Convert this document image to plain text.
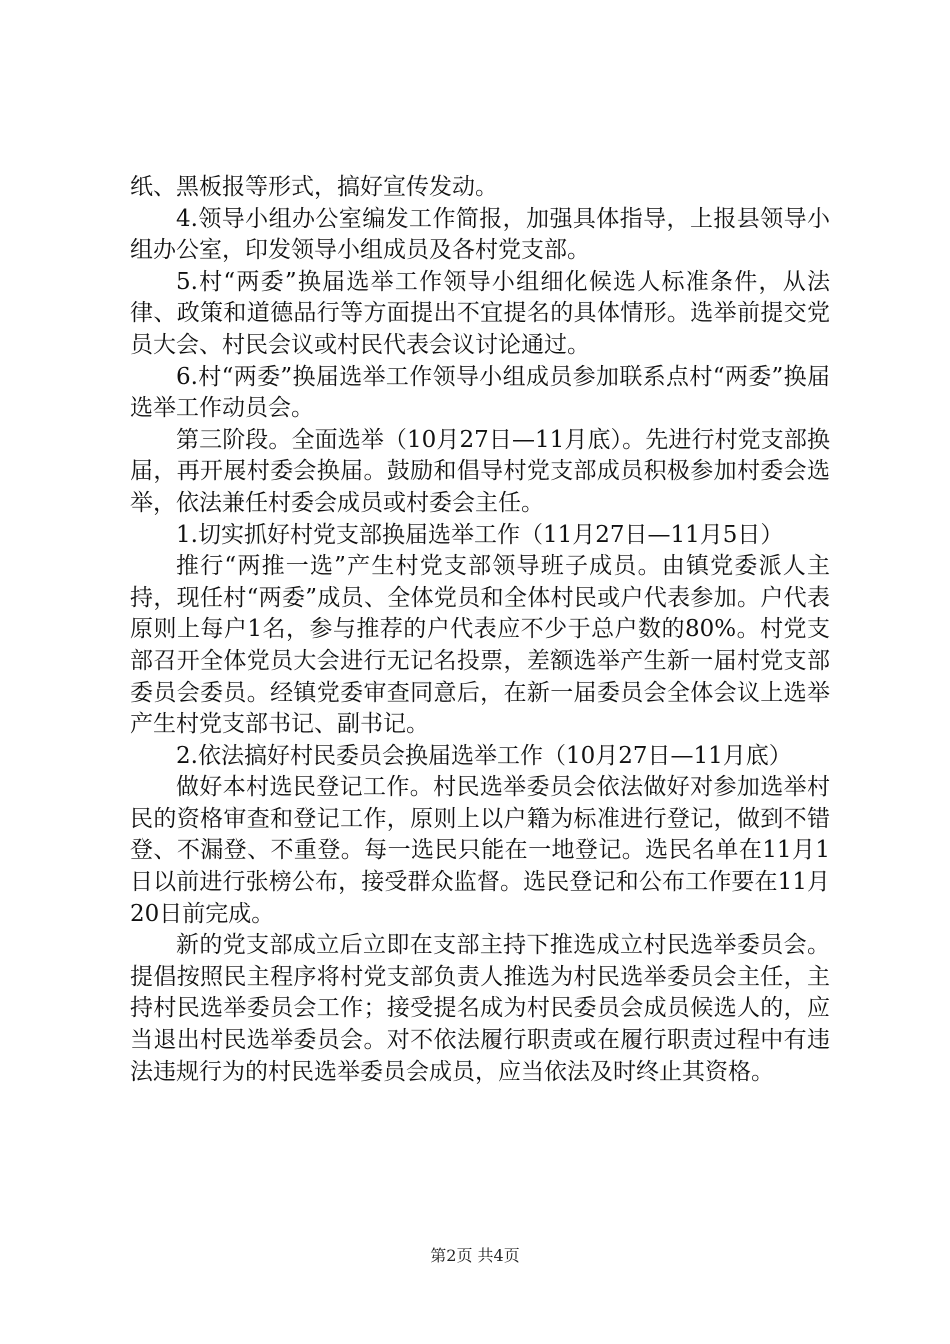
纸、黑板报等形式，搞好宣传发动。

4.领导小组办公室编发工作简报，加强具体指导，上报县领导小组办公室，印发领导小组成员及各村党支部。

5.村“两委”换届选举工作领导小组细化候选人标准条件，从法律、政策和道德品行等方面提出不宜提名的具体情形。选举前提交党员大会、村民会议或村民代表会议讨论通过。

6.村“两委”换届选举工作领导小组成员参加联系点村“两委”换届选举工作动员会。

第三阶段。全面选举（10月27日—11月底）。先进行村党支部换届，再开展村委会换届。鼓励和倡导村党支部成员积极参加村委会选举，依法兼任村委会成员或村委会主任。

1.切实抓好村党支部换届选举工作（11月27日—11月5日）

推行“两推一选”产生村党支部领导班子成员。由镇党委派人主持，现任村“两委”成员、全体党员和全体村民或户代表参加。户代表原则上每户1名，参与推荐的户代表应不少于总户数的80%。村党支部召开全体党员大会进行无记名投票，差额选举产生新一届村党支部委员会委员。经镇党委审查同意后，在新一届委员会全体会议上选举产生村党支部书记、副书记。

2.依法搞好村民委员会换届选举工作（10月27日—11月底）

做好本村选民登记工作。村民选举委员会依法做好对参加选举村民的资格审查和登记工作，原则上以户籍为标准进行登记，做到不错登、不漏登、不重登。每一选民只能在一地登记。选民名单在11月1日以前进行张榜公布，接受群众监督。选民登记和公布工作要在11月20日前完成。

新的党支部成立后立即在支部主持下推选成立村民选举委员会。提倡按照民主程序将村党支部负责人推选为村民选举委员会主任，主持村民选举委员会工作；接受提名成为村民委员会成员候选人的，应当退出村民选举委员会。对不依法履行职责或在履行职责过程中有违法违规行为的村民选举委员会成员，应当依法及时终止其资格。

第2页 共4页
